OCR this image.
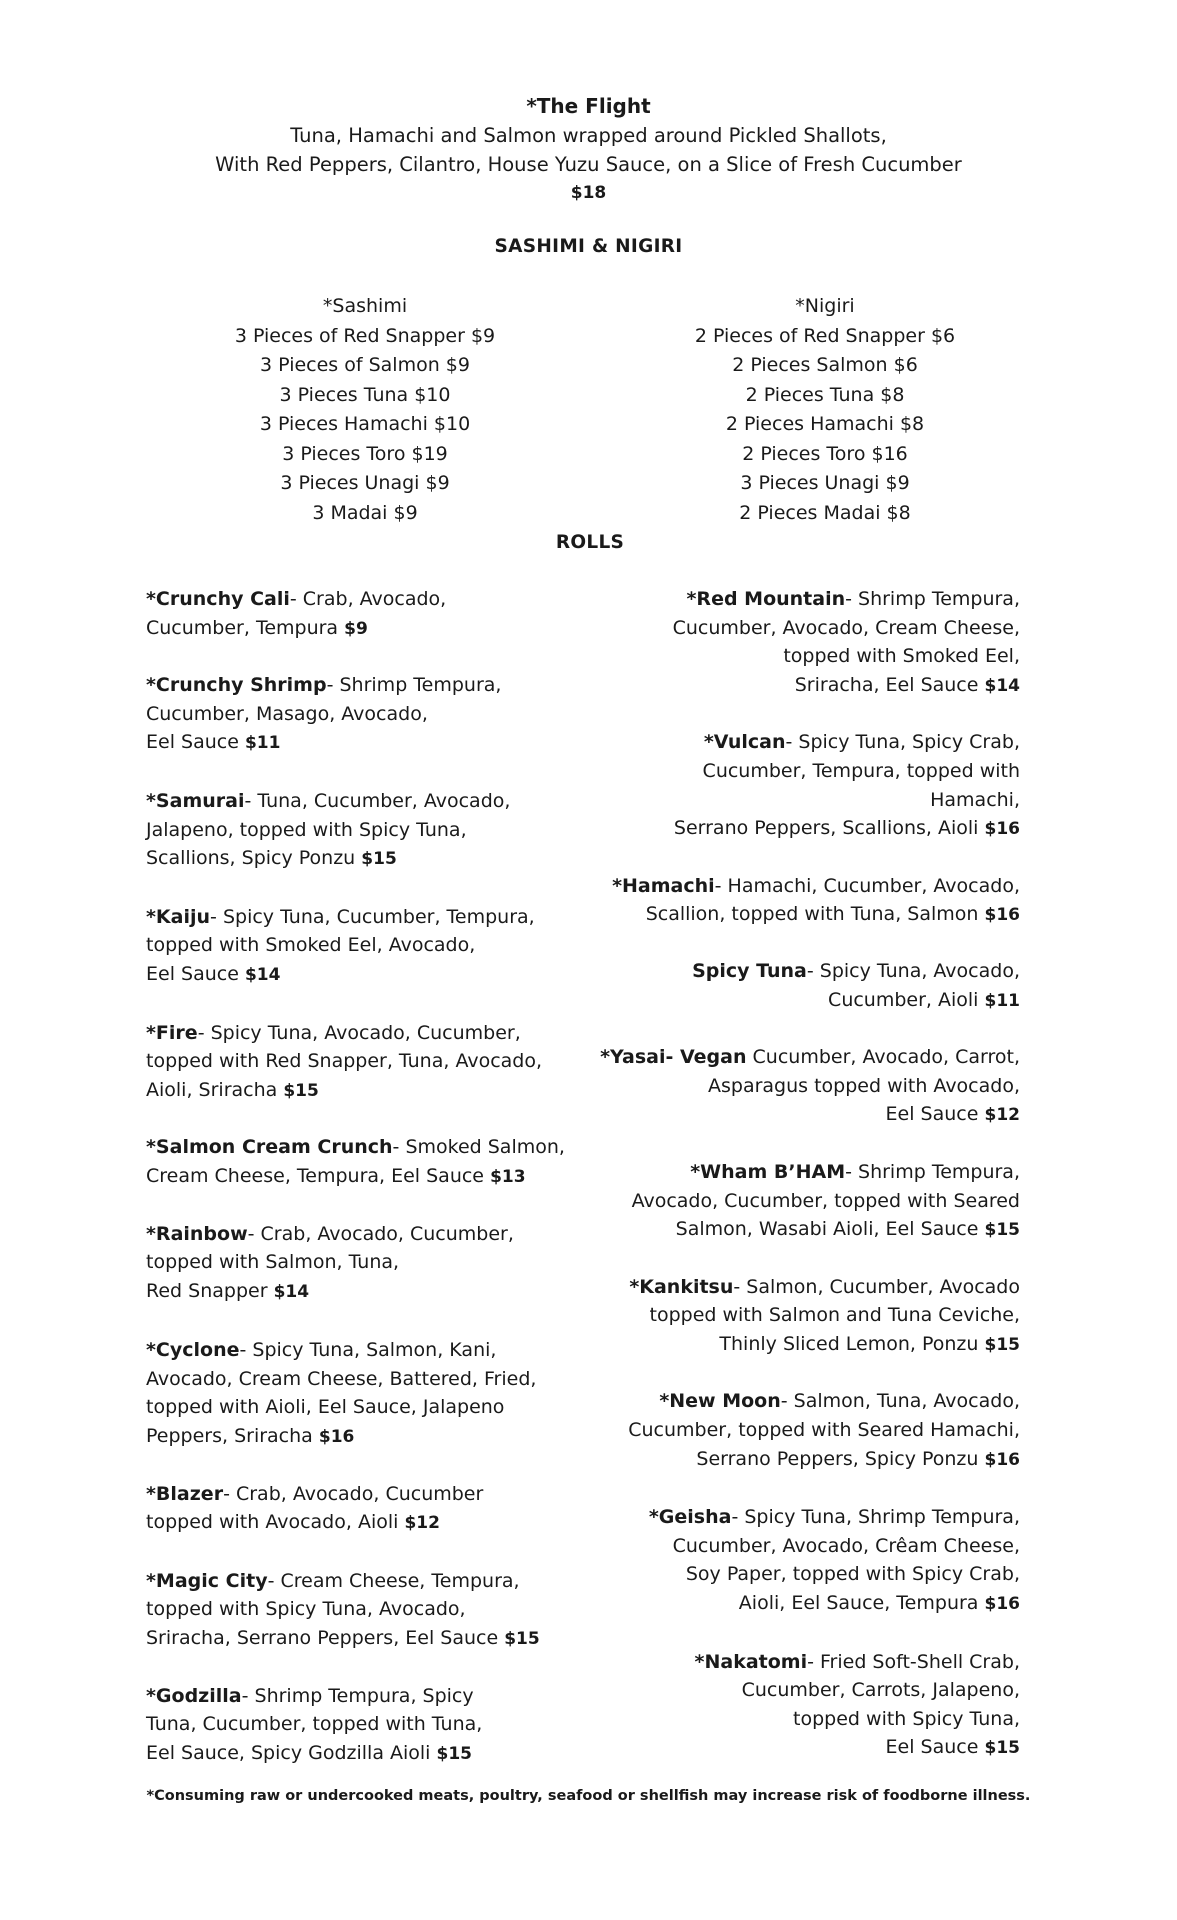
*The Flight
Tuna, Hamachi and Salmon wrapped around Pickled Shallots,
With Red Peppers, Cilantro, House Yuzu Sauce, on a Slice of Fresh Cucumber
$18
SASHIMI & NIGIRI
*Sashimi
3 Pieces of Red Snapper $9
3 Pieces of Salmon $9
3 Pieces Tuna $10
3 Pieces Hamachi $10
3 Pieces Toro $19
3 Pieces Unagi $9
3 Madai $9
*Nigiri
2 Pieces of Red Snapper $6
2 Pieces Salmon $6
2 Pieces Tuna $8
2 Pieces Hamachi $8
2 Pieces Toro $16
3 Pieces Unagi $9
2 Pieces Madai $8
ROLLS
*Crunchy Cali- Crab, Avocado,
Cucumber, Tempura $9
*Crunchy Shrimp- Shrimp Tempura,
Cucumber, Masago, Avocado,
Eel Sauce $11
*Samurai- Tuna, Cucumber, Avocado,
Jalapeno, topped with Spicy Tuna,
Scallions, Spicy Ponzu $15
*Kaiju- Spicy Tuna, Cucumber, Tempura,
topped with Smoked Eel, Avocado,
Eel Sauce $14
*Fire- Spicy Tuna, Avocado, Cucumber,
topped with Red Snapper, Tuna, Avocado,
Aioli, Sriracha $15
*Salmon Cream Crunch- Smoked Salmon,
Cream Cheese, Tempura, Eel Sauce $13
*Rainbow- Crab, Avocado, Cucumber,
topped with Salmon, Tuna,
Red Snapper $14
*Cyclone- Spicy Tuna, Salmon, Kani,
Avocado, Cream Cheese, Battered, Fried,
topped with Aioli, Eel Sauce, Jalapeno
Peppers, Sriracha $16
*Blazer- Crab, Avocado, Cucumber
topped with Avocado, Aioli $12
*Magic City- Cream Cheese, Tempura,
topped with Spicy Tuna, Avocado,
Sriracha, Serrano Peppers, Eel Sauce $15
*Godzilla- Shrimp Tempura, Spicy
Tuna, Cucumber, topped with Tuna,
Eel Sauce, Spicy Godzilla Aioli $15
*Red Mountain- Shrimp Tempura,
Cucumber, Avocado, Cream Cheese,
topped with Smoked Eel,
Sriracha, Eel Sauce $14
*Vulcan- Spicy Tuna, Spicy Crab,
Cucumber, Tempura, topped with
Hamachi,
Serrano Peppers, Scallions, Aioli $16
*Hamachi- Hamachi, Cucumber, Avocado,
Scallion, topped with Tuna, Salmon $16
Spicy Tuna- Spicy Tuna, Avocado,
Cucumber, Aioli $11
*Yasai- Vegan Cucumber, Avocado, Carrot,
Asparagus topped with Avocado,
Eel Sauce $12
*Wham B’HAM- Shrimp Tempura,
Avocado, Cucumber, topped with Seared
Salmon, Wasabi Aioli, Eel Sauce $15
*Kankitsu- Salmon, Cucumber, Avocado
topped with Salmon and Tuna Ceviche,
Thinly Sliced Lemon, Ponzu $15
*New Moon- Salmon, Tuna, Avocado,
Cucumber, topped with Seared Hamachi,
Serrano Peppers, Spicy Ponzu $16
*Geisha- Spicy Tuna, Shrimp Tempura,
Cucumber, Avocado, Crêam Cheese,
Soy Paper, topped with Spicy Crab,
Aioli, Eel Sauce, Tempura $16
*Nakatomi- Fried Soft-Shell Crab,
Cucumber, Carrots, Jalapeno,
topped with Spicy Tuna,
Eel Sauce $15
*Consuming raw or undercooked meats, poultry, seafood or shellfish may increase risk of foodborne illness.
